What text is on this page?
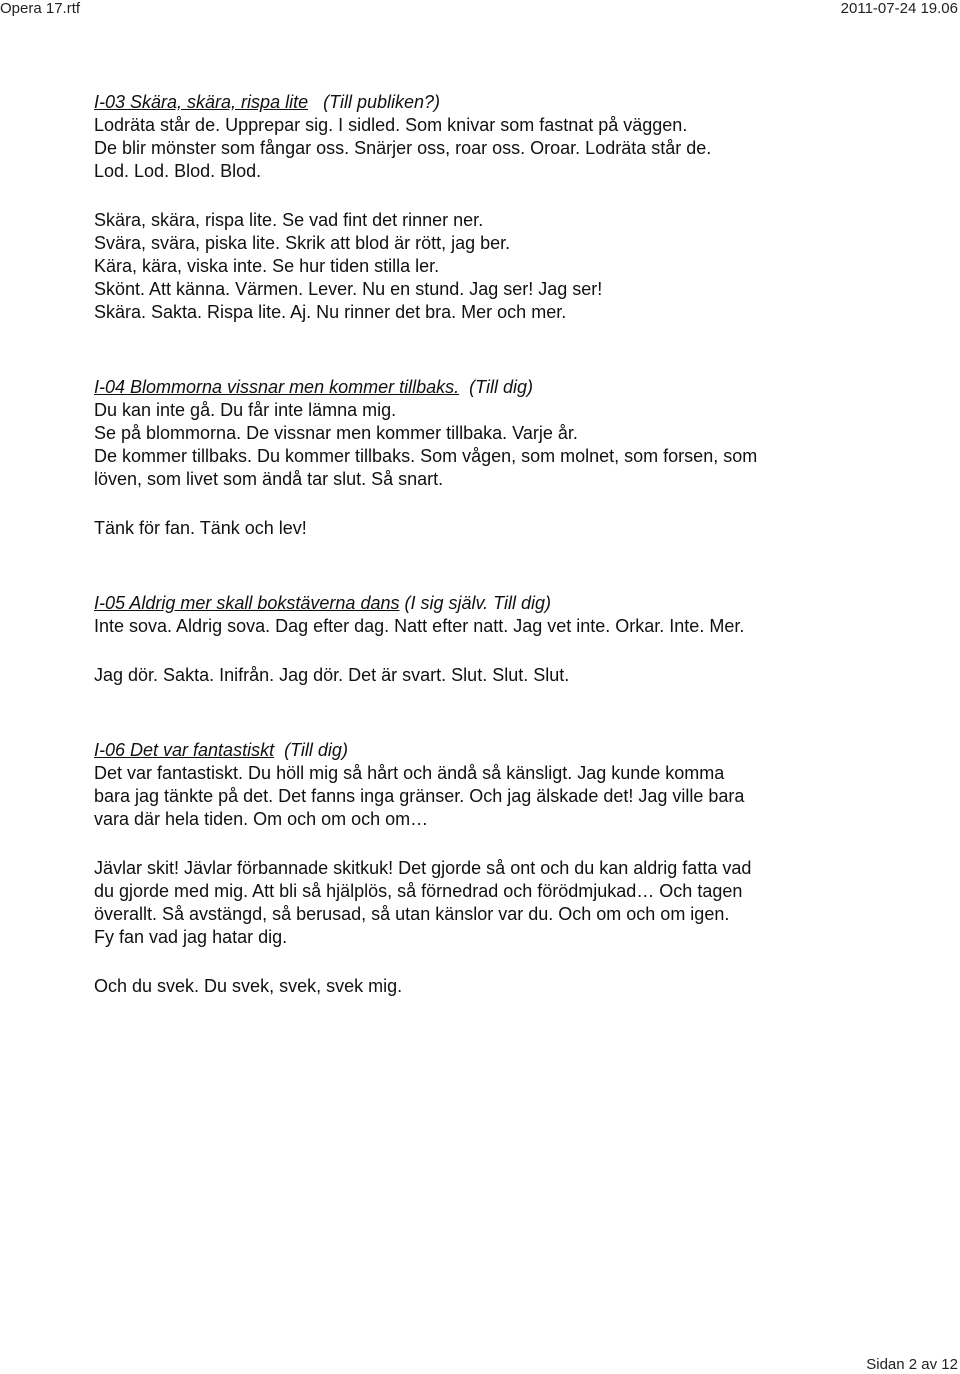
Opera 17.rtf	2011-07-24 19.06
I-03 Skära, skära, rispa lite (Till publiken?)
Lodräta står de. Upprepar sig. I sidled. Som knivar som fastnat på väggen.
De blir mönster som fångar oss. Snärjer oss, roar oss. Oroar. Lodräta står de.
Lod. Lod. Blod. Blod.
Skära, skära, rispa lite. Se vad fint det rinner ner.
Svära, svära, piska lite. Skrik att blod är rött, jag ber.
Kära, kära, viska inte. Se hur tiden stilla ler.
Skönt. Att känna. Värmen. Lever. Nu en stund. Jag ser! Jag ser!
Skära. Sakta. Rispa lite. Aj. Nu rinner det bra. Mer och mer.
I-04 Blommorna vissnar men kommer tillbaks. (Till dig)
Du kan inte gå. Du får inte lämna mig.
Se på blommorna. De vissnar men kommer tillbaka. Varje år.
De kommer tillbaks. Du kommer tillbaks. Som vågen, som molnet, som forsen, som
löven, som livet som ändå tar slut. Så snart.
Tänk för fan. Tänk och lev!
I-05 Aldrig mer skall bokstäverna dans (I sig själv. Till dig)
Inte sova. Aldrig sova. Dag efter dag. Natt efter natt. Jag vet inte. Orkar. Inte. Mer.
Jag dör. Sakta. Inifrån. Jag dör. Det är svart. Slut. Slut. Slut.
I-06 Det var fantastiskt (Till dig)
Det var fantastiskt. Du höll mig så hårt och ändå så känsligt. Jag kunde komma
bara jag tänkte på det. Det fanns inga gränser. Och jag älskade det! Jag ville bara
vara där hela tiden. Om och om och om…
Jävlar skit! Jävlar förbannade skitkuk! Det gjorde så ont och du kan aldrig fatta vad
du gjorde med mig. Att bli så hjälplös, så förnedrad och förödmjukad… Och tagen
överallt. Så avstängd, så berusad, så utan känslor var du. Och om och om igen.
Fy fan vad jag hatar dig.
Och du svek. Du svek, svek, svek mig.
Sidan 2 av 12
